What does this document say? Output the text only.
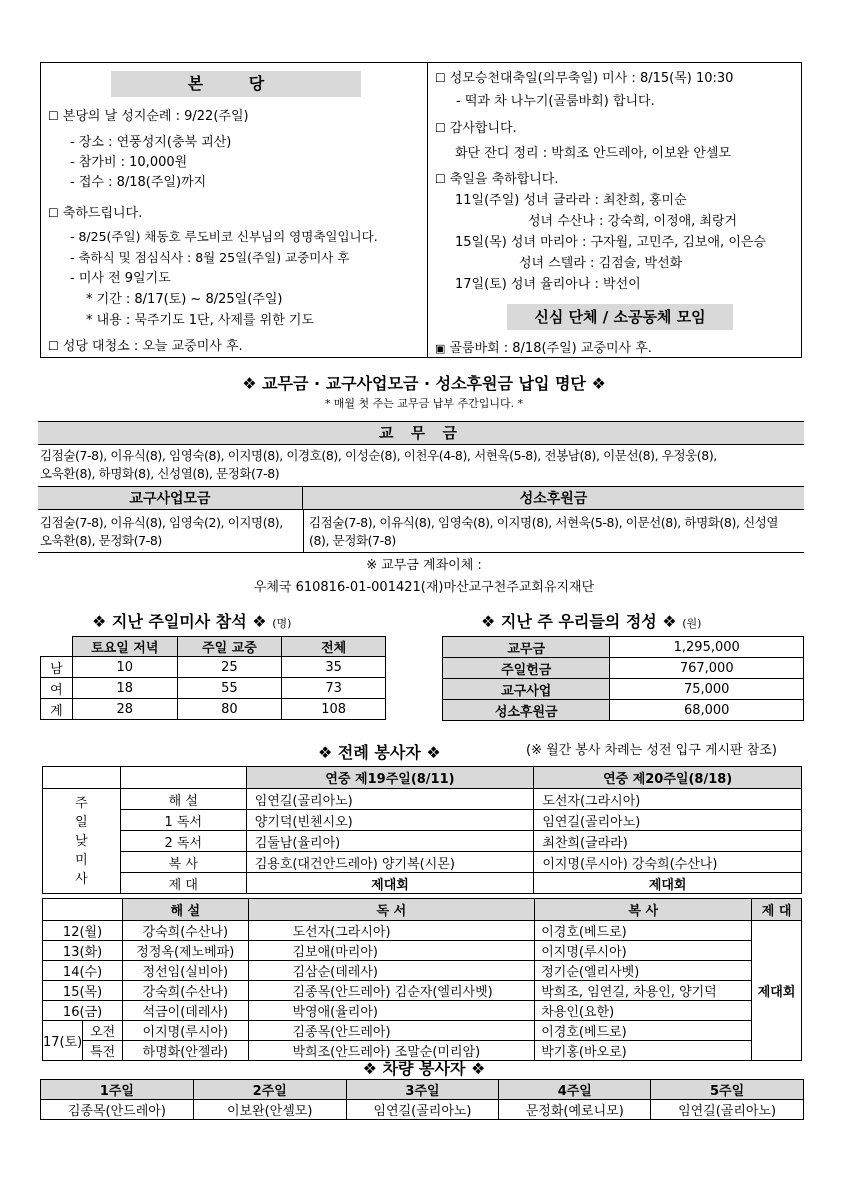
본 당
☐ 본당의 날 성지순례 : 9/22(주일)
- 장소 : 연풍성지(충북 괴산)
- 참가비 : 10,000원
- 접수 : 8/18(주일)까지
☐ 축하드립니다.
- 8/25(주일) 채동호 루도비코 신부님의 영명축일입니다.
- 축하식 및 점심식사 : 8월 25일(주일) 교중미사 후
- 미사 전 9일기도
* 기간 : 8/17(토) ~ 8/25일(주일)
* 내용 : 묵주기도 1단, 사제를 위한 기도
☐ 성당 대청소 : 오늘 교중미사 후.
☐ 성모승천대축일(의무축일) 미사 : 8/15(목) 10:30
- 떡과 차 나누기(골룸바회) 합니다.
☐ 감사합니다.
화단 잔디 정리 : 박희조 안드레아, 이보완 안셀모
☐ 축일을 축하합니다.
11일(주일) 성녀 글라라 : 최찬희, 홍미순
성녀 수산나 : 강숙희, 이정애, 최랑거
15일(목) 성녀 마리아 : 구자월, 고민주, 김보애, 이은승
성녀 스텔라 : 김점술, 박선화
17일(토) 성녀 율리아나 : 박선이
신심 단체 / 소공동체 모임
▣ 골룸바회 : 8/18(주일) 교중미사 후.
❖ 교무금 · 교구사업모금 · 성소후원금 납입 명단 ❖
* 매월 첫 주는 교무금 납부 주간입니다. *
교 무 금
김점술(7-8), 이유식(8), 임영숙(8), 이지명(8), 이경호(8), 이성순(8), 이천우(4-8), 서현욱(5-8), 전봉남(8), 이문선(8), 우정웅(8),
오욱환(8), 하명화(8), 신성열(8), 문정화(7-8)
교구사업모금	성소후원금
김점술(7-8), 이유식(8), 임영숙(2), 이지명(8),
오욱환(8), 문정화(7-8)
김점술(7-8), 이유식(8), 임영숙(8), 이지명(8), 서현욱(5-8), 이문선(8), 하명화(8), 신성열
(8), 문정화(7-8)
※ 교무금 계좌이체 :
우체국 610816-01-001421(재)마산교구천주교회유지재단
❖ 지난 주일미사 참석 ❖ (명)
	토요일 저녁	주일 교중	전체
남	10	25	35
여	18	55	73
계	28	80	108
❖ 지난 주 우리들의 정성 ❖ (원)
교무금	1,295,000
주일헌금	767,000
교구사업	75,000
성소후원금	68,000
❖ 전례 봉사자 ❖	(※ 월간 봉사 차례는 성전 입구 게시판 참조)
		연중 제19주일(8/11)	연중 제20주일(8/18)
주일낮미사	해 설	임연길(골리아노)	도선자(그라시아)
	1 독서	양기덕(빈첸시오)	임연길(골리아노)
	2 독서	김둘남(율리아)	최찬희(글라라)
	복 사	김용호(대건안드레아) 양기복(시몬)	이지명(루시아) 강숙희(수산나)
	제 대	제대회	제대회
		해 설	독 서	복 사	제 대
12(월)		강숙희(수산나)	도선자(그라시아)	이경호(베드로)	제대회
13(화)		정정옥(제노베파)	김보애(마리아)	이지명(루시아)	
14(수)		정선임(실비아)	김삼순(데레사)	정기순(엘리사벳)	
15(목)		강숙희(수산나)	김종목(안드레아) 김순자(엘리사벳)	박희조, 임연길, 차용인, 양기덕	
16(금)		석금이(데레사)	박영애(율리아)	차용인(요한)	
17(토)	오전	이지명(루시아)	김종목(안드레아)	이경호(베드로)	
	특전	하명화(안젤라)	박희조(안드레아) 조말순(미리암)	박기홍(바오로)	
❖ 차량 봉사자 ❖
1주일	2주일	3주일	4주일	5주일
김종목(안드레아)	이보완(안셀모)	임연길(골리아노)	문정화(예로니모)	임연길(골리아노)
